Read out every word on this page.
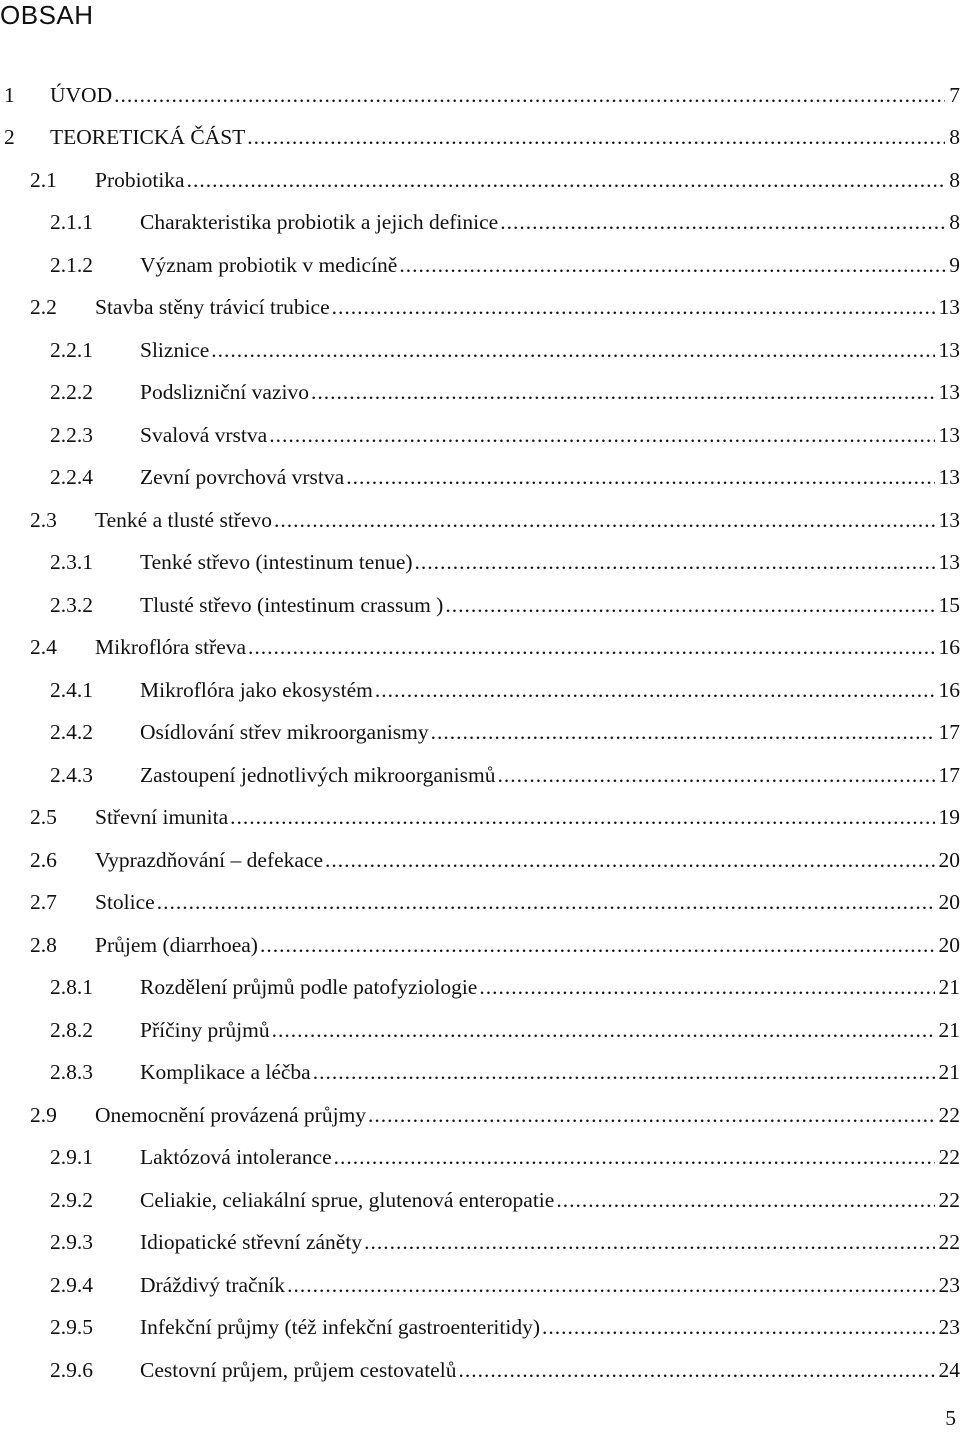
OBSAH
1 ÚVOD .....	7
2 TEORETICKÁ ČÁST .....	8
2.1 Probiotika .....	8
2.1.1 Charakteristika probiotik a jejich definice .....	8
2.1.2 Význam probiotik v medicíně .....	9
2.2 Stavba stěny trávicí trubice .....	13
2.2.1 Sliznice .....	13
2.2.2 Podslizniční vazivo .....	13
2.2.3 Svalová vrstva .....	13
2.2.4 Zevní povrchová vrstva .....	13
2.3 Tenké a tlusté střevo .....	13
2.3.1 Tenké střevo (intestinum tenue) .....	13
2.3.2 Tlusté střevo (intestinum crassum ) .....	15
2.4 Mikroflóra střeva .....	16
2.4.1 Mikroflóra jako ekosystém .....	16
2.4.2 Osídlování střev mikroorganismy .....	17
2.4.3 Zastoupení jednotlivých mikroorganismů .....	17
2.5 Střevní imunita .....	19
2.6 Vyprazdňování – defekace .....	20
2.7 Stolice .....	20
2.8 Průjem (diarrhoea) .....	20
2.8.1 Rozdělení průjmů podle patofyziologie .....	21
2.8.2 Příčiny průjmů .....	21
2.8.3 Komplikace a léčba .....	21
2.9 Onemocnění provázená průjmy .....	22
2.9.1 Laktózová intolerance .....	22
2.9.2 Celiakie, celiakální sprue, glutenová enteropatie .....	22
2.9.3 Idiopatické střevní záněty .....	22
2.9.4 Dráždivý tračník .....	23
2.9.5 Infekční průjmy (též infekční gastroenteritidy) .....	23
2.9.6 Cestovní průjem, průjem cestovatelů .....	24
5
